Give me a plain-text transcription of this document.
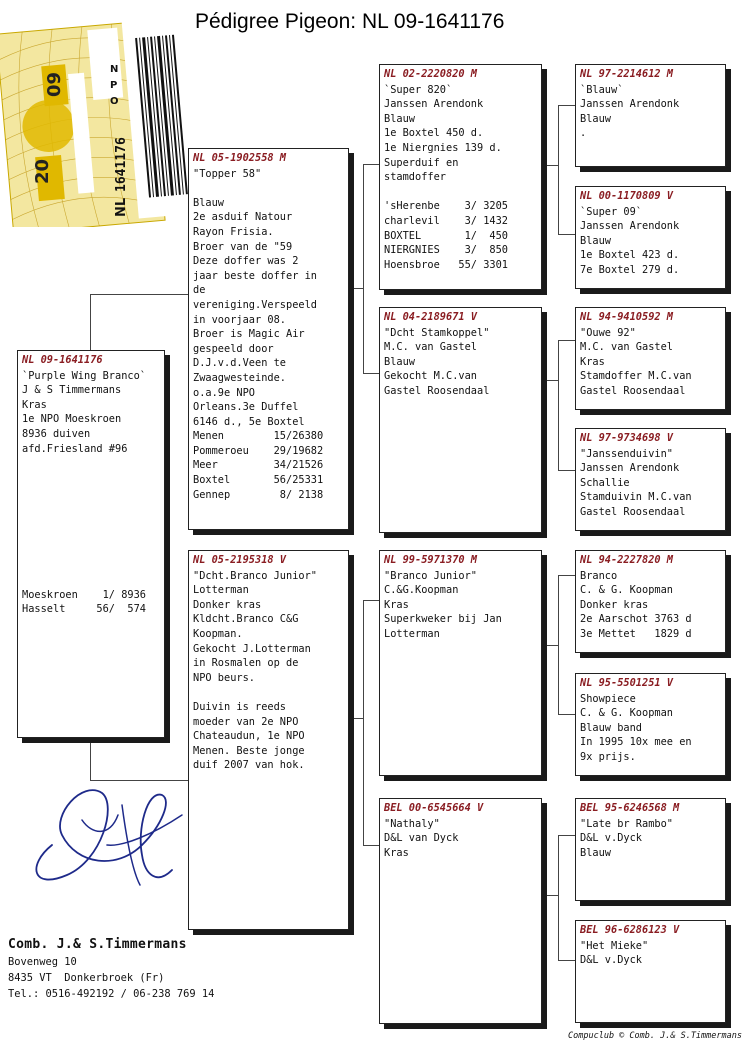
Pédigree Pigeon: NL 09-1641176
20
09
NL
1641176
N
P
O
NL 09-1641176
`Purple Wing Branco`
J & S Timmermans
Kras
1e NPO Moeskroen
8936 duiven
afd.Friesland #96
Moeskroen    1/ 8936
Hasselt     56/  574
NL 05-1902558 M
"Topper 58"
Blauw
2e asduif Natour
Rayon Frisia.
Broer van de "59
Deze doffer was 2
jaar beste doffer in
de
vereniging.Verspeeld
in voorjaar 08.
Broer is Magic Air
gespeeld door
D.J.v.d.Veen te
Zwaagwesteinde.
o.a.9e NPO
Orleans.3e Duffel
6146 d., 5e Boxtel
Menen        15/26380
Pommeroeu    29/19682
Meer         34/21526
Boxtel       56/25331
Gennep        8/ 2138
NL 05-2195318 V
"Dcht.Branco Junior"
Lotterman
Donker kras
Kldcht.Branco C&G
Koopman.
Gekocht J.Lotterman
in Rosmalen op de
NPO beurs.
Duivin is reeds
moeder van 2e NPO
Chateaudun, 1e NPO
Menen. Beste jonge
duif 2007 van hok.
NL 02-2220820 M
`Super 820`
Janssen Arendonk
Blauw
1e Boxtel 450 d.
1e Niergnies 139 d.
Superduif en
stamdoffer
'sHerenbe    3/ 3205
charlevil    3/ 1432
BOXTEL       1/  450
NIERGNIES    3/  850
Hoensbroe   55/ 3301
NL 04-2189671 V
"Dcht Stamkoppel"
M.C. van Gastel
Blauw
Gekocht M.C.van
Gastel Roosendaal
NL 99-5971370 M
"Branco Junior"
C.&G.Koopman
Kras
Superkweker bij Jan
Lotterman
BEL 00-6545664 V
"Nathaly"
D&L van Dyck
Kras
NL 97-2214612 M
`Blauw`
Janssen Arendonk
Blauw
.
NL 00-1170809 V
`Super 09`
Janssen Arendonk
Blauw
1e Boxtel 423 d.
7e Boxtel 279 d.
NL 94-9410592 M
"Ouwe 92"
M.C. van Gastel
Kras
Stamdoffer M.C.van
Gastel Roosendaal
NL 97-9734698 V
"Janssenduivin"
Janssen Arendonk
Schallie
Stamduivin M.C.van
Gastel Roosendaal
NL 94-2227820 M
Branco
C. & G. Koopman
Donker kras
2e Aarschot 3763 d
3e Mettet   1829 d
NL 95-5501251 V
Showpiece
C. & G. Koopman
Blauw band
In 1995 10x mee en
9x prijs.
BEL 95-6246568 M
"Late br Rambo"
D&L v.Dyck
Blauw
BEL 96-6286123 V
"Het Mieke"
D&L v.Dyck
Comb. J.& S.Timmermans
Bovenweg 10
8435 VT  Donkerbroek (Fr)
Tel.: 0516-492192 / 06-238 769 14
Compuclub © Comb. J.& S.Timmermans
